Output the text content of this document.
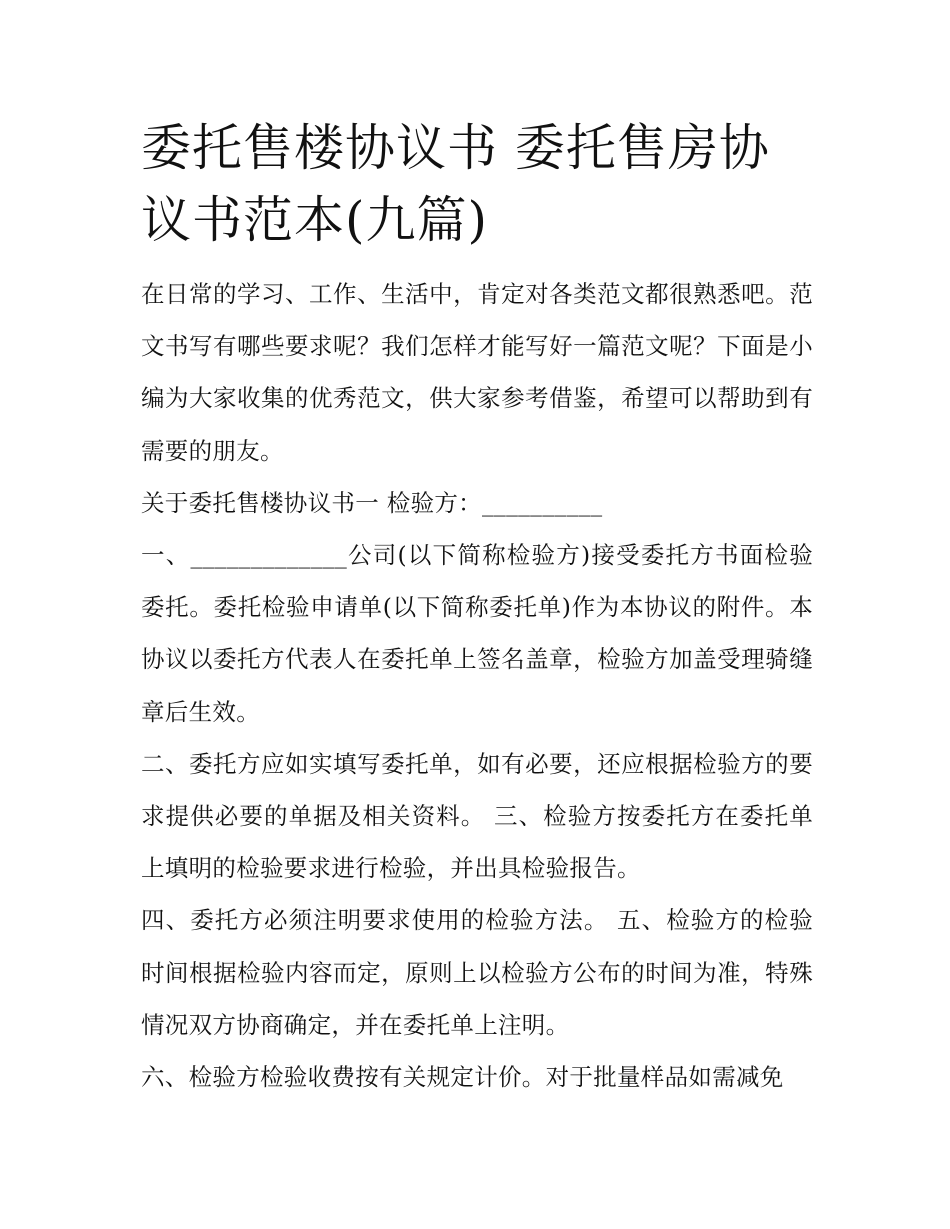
委托售楼协议书 委托售房协议书范本(九篇)

在日常的学习、工作、生活中，肯定对各类范文都很熟悉吧。范文书写有哪些要求呢？我们怎样才能写好一篇范文呢？下面是小编为大家收集的优秀范文，供大家参考借鉴，希望可以帮助到有需要的朋友。

关于委托售楼协议书一 检验方：__________

一、_____________公司(以下简称检验方)接受委托方书面检验委托。委托检验申请单(以下简称委托单)作为本协议的附件。本协议以委托方代表人在委托单上签名盖章，检验方加盖受理骑缝章后生效。

二、委托方应如实填写委托单，如有必要，还应根据检验方的要求提供必要的单据及相关资料。 三、检验方按委托方在委托单上填明的检验要求进行检验，并出具检验报告。

四、委托方必须注明要求使用的检验方法。 五、检验方的检验时间根据检验内容而定，原则上以检验方公布的时间为准，特殊情况双方协商确定，并在委托单上注明。

六、检验方检验收费按有关规定计价。对于批量样品如需减免
